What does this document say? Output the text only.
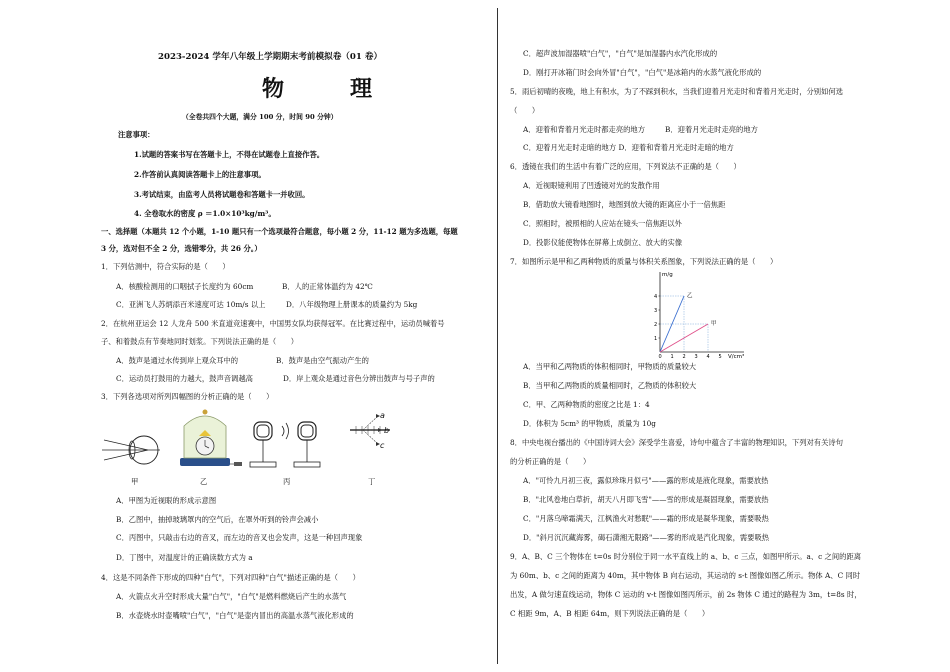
2023-2024 学年八年级上学期期末考前模拟卷（01 卷）
物　理
（全卷共四个大题，满分 100 分，时间 90 分钟）
注意事项：
1.试题的答案书写在答题卡上，不得在试题卷上直接作答。
2.作答前认真阅读答题卡上的注意事项。
3.考试结束，由监考人员将试题卷和答题卡一并收回。
4. 全卷取水的密度 ρ ＝1.0×10³kg/m³。
一、选择题（本题共 12 个小题，1-10 题只有一个选项最符合题意，每小题 2 分，11-12 题为多选题，每题
3 分，选对但不全 2 分，选错零分，共 26 分。）
1．下列估测中，符合实际的是（　　）
A．核酸检测用的口咽拭子长度约为 60cm	B．人的正常体温约为 42℃
C．亚洲飞人苏炳添百米速度可达 10m/s 以上	D．八年级物理上册课本的质量约为 5kg
2．在杭州亚运会 12 人龙舟 500 米直道竞速赛中，中国男女队均获得冠军。在比赛过程中，运动员喊着号
子、和着鼓点有节奏地同时划浆。下列说法正确的是（　　）
A．鼓声是通过水传到岸上观众耳中的	B．鼓声是由空气振动产生的
C．运动员打鼓用的力越大，鼓声音调越高	D．岸上观众是通过音色分辨出鼓声与号子声的
3．下列各选项对所列四幅图的分析正确的是（　　）
a
b
c
甲	乙	丙	丁
A．甲图为近视眼的形成示意图
B．乙图中，抽掉玻璃罩内的空气后，在罩外听到的铃声会减小
C．丙图中，只敲击右边的音叉，而左边的音叉也会发声，这是一种回声现象
D．丁图中，对温度计的正确读数方式为 a
4．这是不同条件下形成的四种"白气"，下列对四种"白气"描述正确的是（　　）
A．火箭点火升空时形成大量"白气"，"白气"是燃料燃烧后产生的水蒸气
B．水壶烧水时壶嘴喷"白气"，"白气"是壶内冒出的高温水蒸气液化形成的
C．超声波加湿器喷"白气"，"白气"是加湿器内水汽化形成的
D．刚打开冰箱门时会向外冒"白气"，"白气"是冰箱内的水蒸气液化形成的
5．雨后初晴的夜晚，地上有积水，为了不踩到积水，当我们迎着月光走时和背着月光走时，分别如何选
（　　）
A．迎着和背着月光走时都走亮的地方	B．迎着月光走时走亮的地方
C．迎着月光走时走暗的地方 D．迎着和背着月光走时走暗的地方
6．透镜在我们的生活中有着广泛的应用，下列说法不正确的是（　　）
A．近视眼镜利用了凹透镜对光的发散作用
B．借助放大镜看地图时，地图到放大镜的距离应小于一倍焦距
C．照相时，被照相的人应站在镜头一倍焦距以外
D．投影仪能使物体在屏幕上成倒立、放大的实像
7．如图所示是甲和乙两种物质的质量与体积关系图象，下列说法正确的是（　　）
0 1 2 3 4 5
1
2
3
4	乙
甲
m/g
V/cm³
A．当甲和乙两物质的体积相同时，甲物质的质量较大
B．当甲和乙两物质的质量相同时，乙物质的体积较大
C．甲、乙两种物质的密度之比是 1：4
D．体积为 5cm³ 的甲物质，质量为 10g
8．中央电视台播出的《中国诗词大会》深受学生喜爱，诗句中蕴含了丰富的物理知识，下列对有关诗句
的分析正确的是（　　）
A．"可怜九月初三夜，露似珍珠月似弓"——露的形成是液化现象，需要放热
B．"北风卷地白草折，胡天八月即飞雪"——雪的形成是凝固现象，需要放热
C．"月落乌啼霜满天，江枫渔火对愁眠"——霜的形成是凝华现象，需要吸热
D．"斜月沉沉藏海雾，碣石潇湘无限路"——雾的形成是汽化现象，需要吸热
9．A、B、C 三个物体在 t=0s 时分别位于同一水平直线上的 a、b、c 三点，如图甲所示。a、c 之间的距离
为 60m、b、c 之间的距离为 40m，其中物体 B 向右运动，其运动的 s-t 图像如图乙所示。物体 A、C 同时
出发，A 做匀速直线运动，物体 C 运动的 v-t 图像如图丙所示，前 2s 物体 C 通过的路程为 3m，t=8s 时，
C 相距 9m，A、B 相距 64m，则下列说法正确的是（　　）
